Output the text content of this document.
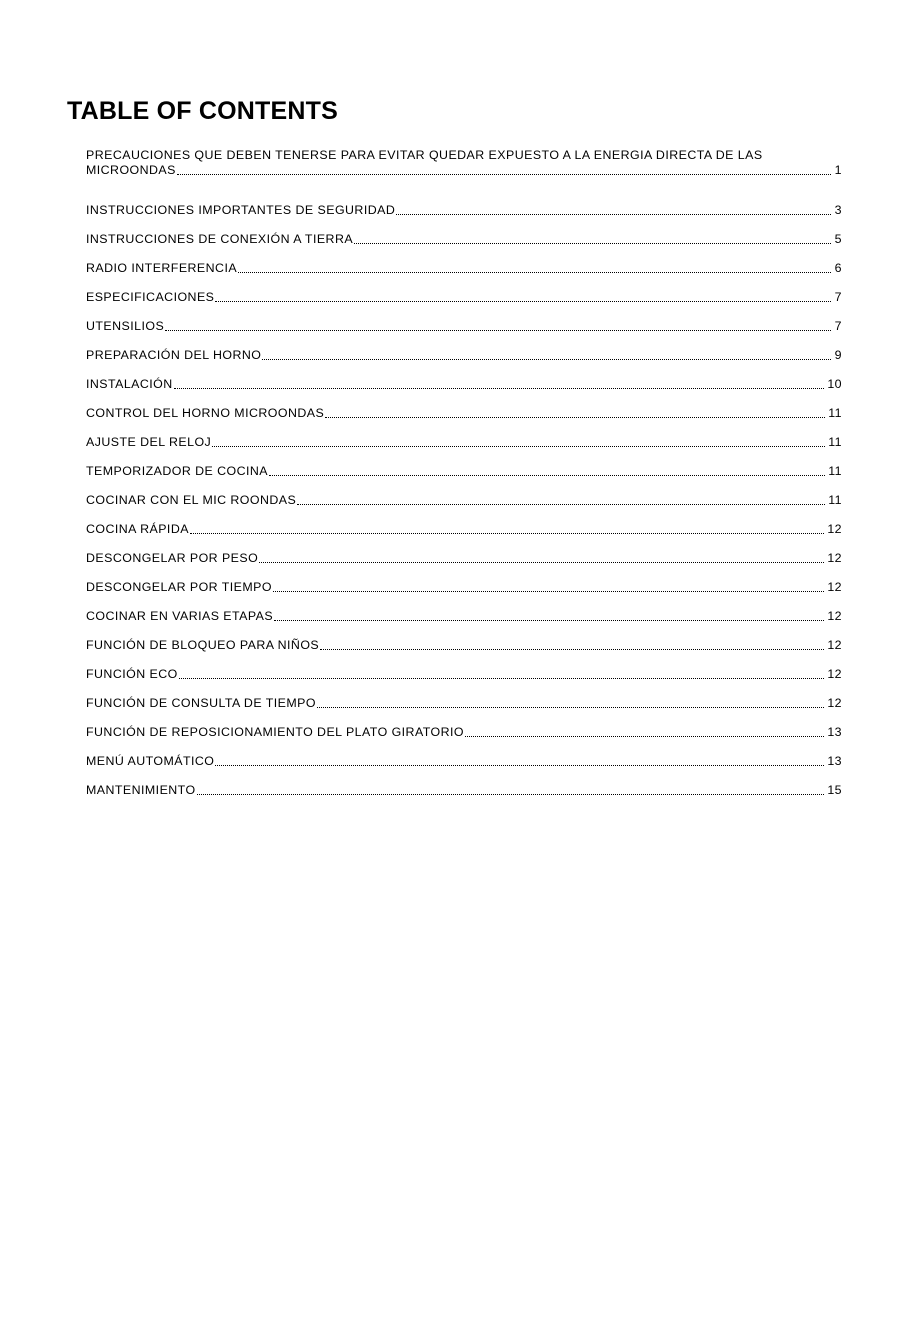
TABLE OF CONTENTS
PRECAUCIONES QUE DEBEN TENERSE PARA EVITAR QUEDAR EXPUESTO A LA ENERGIA DIRECTA DE LAS
MICROONDAS	1
INSTRUCCIONES IMPORTANTES DE SEGURIDAD	3
INSTRUCCIONES DE CONEXIÓN A TIERRA	5
RADIO INTERFERENCIA	6
ESPECIFICACIONES	7
UTENSILIOS	7
PREPARACIÓN DEL HORNO	9
INSTALACIÓN	10
CONTROL DEL HORNO MICROONDAS	11
AJUSTE DEL RELOJ	11
TEMPORIZADOR DE COCINA	11
COCINAR CON EL MIC ROONDAS	11
COCINA RÁPIDA	12
DESCONGELAR POR PESO	12
DESCONGELAR POR TIEMPO	12
COCINAR EN VARIAS ETAPAS	12
FUNCIÓN DE BLOQUEO PARA NIÑOS	12
FUNCIÓN ECO	12
FUNCIÓN DE CONSULTA DE TIEMPO	12
FUNCIÓN DE REPOSICIONAMIENTO DEL PLATO GIRATORIO	13
MENÚ AUTOMÁTICO	13
MANTENIMIENTO	15
